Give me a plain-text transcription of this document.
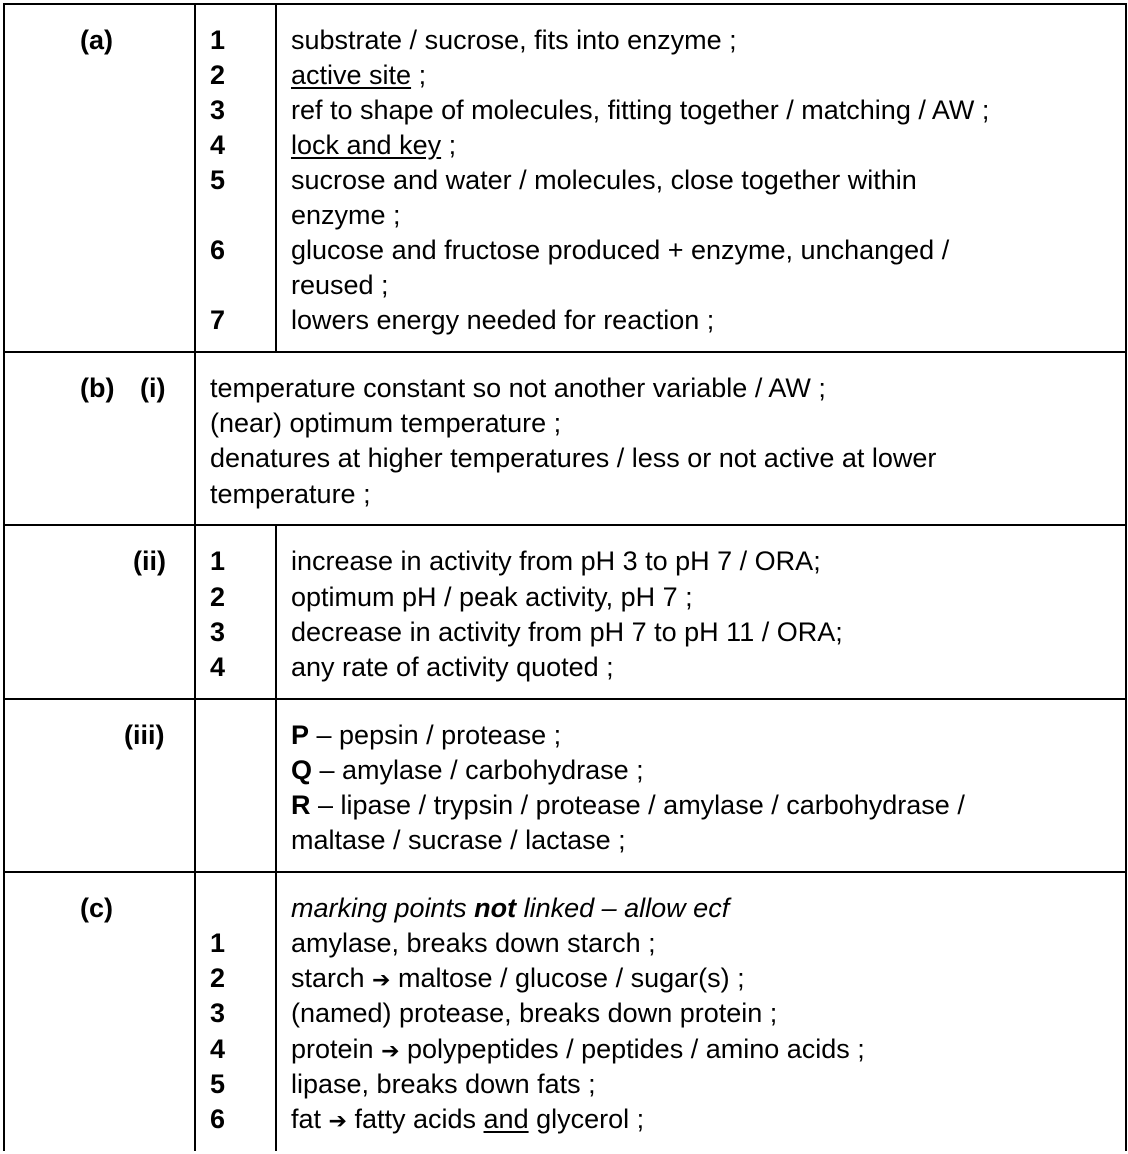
(a)	1	substrate / sucrose, fits into enzyme ;
2	active site ;
3	ref to shape of molecules, fitting together / matching / AW ;
4	lock and key ;
5	sucrose and water / molecules, close together within
enzyme ;
6	glucose and fructose produced + enzyme, unchanged /
reused ;
7	lowers energy needed for reaction ;
(b) (i) temperature constant so not another variable / AW ;
(near) optimum temperature ;
denatures at higher temperatures / less or not active at lower
temperature ;
(ii) 1	increase in activity from pH 3 to pH 7 / ORA;
2	optimum pH / peak activity, pH 7 ;
3	decrease in activity from pH 7 to pH 11 / ORA;
4	any rate of activity quoted ;
(iii)	P – pepsin / protease ;
Q – amylase / carbohydrase ;
R – lipase / trypsin / protease / amylase / carbohydrase /
maltase / sucrase / lactase ;
(c)	marking points not linked – allow ecf
1	amylase, breaks down starch ;
2	starch ➔ maltose / glucose / sugar(s) ;
3	(named) protease, breaks down protein ;
4	protein ➔ polypeptides / peptides / amino acids ;
5	lipase, breaks down fats ;
6	fat ➔ fatty acids and glycerol ;
